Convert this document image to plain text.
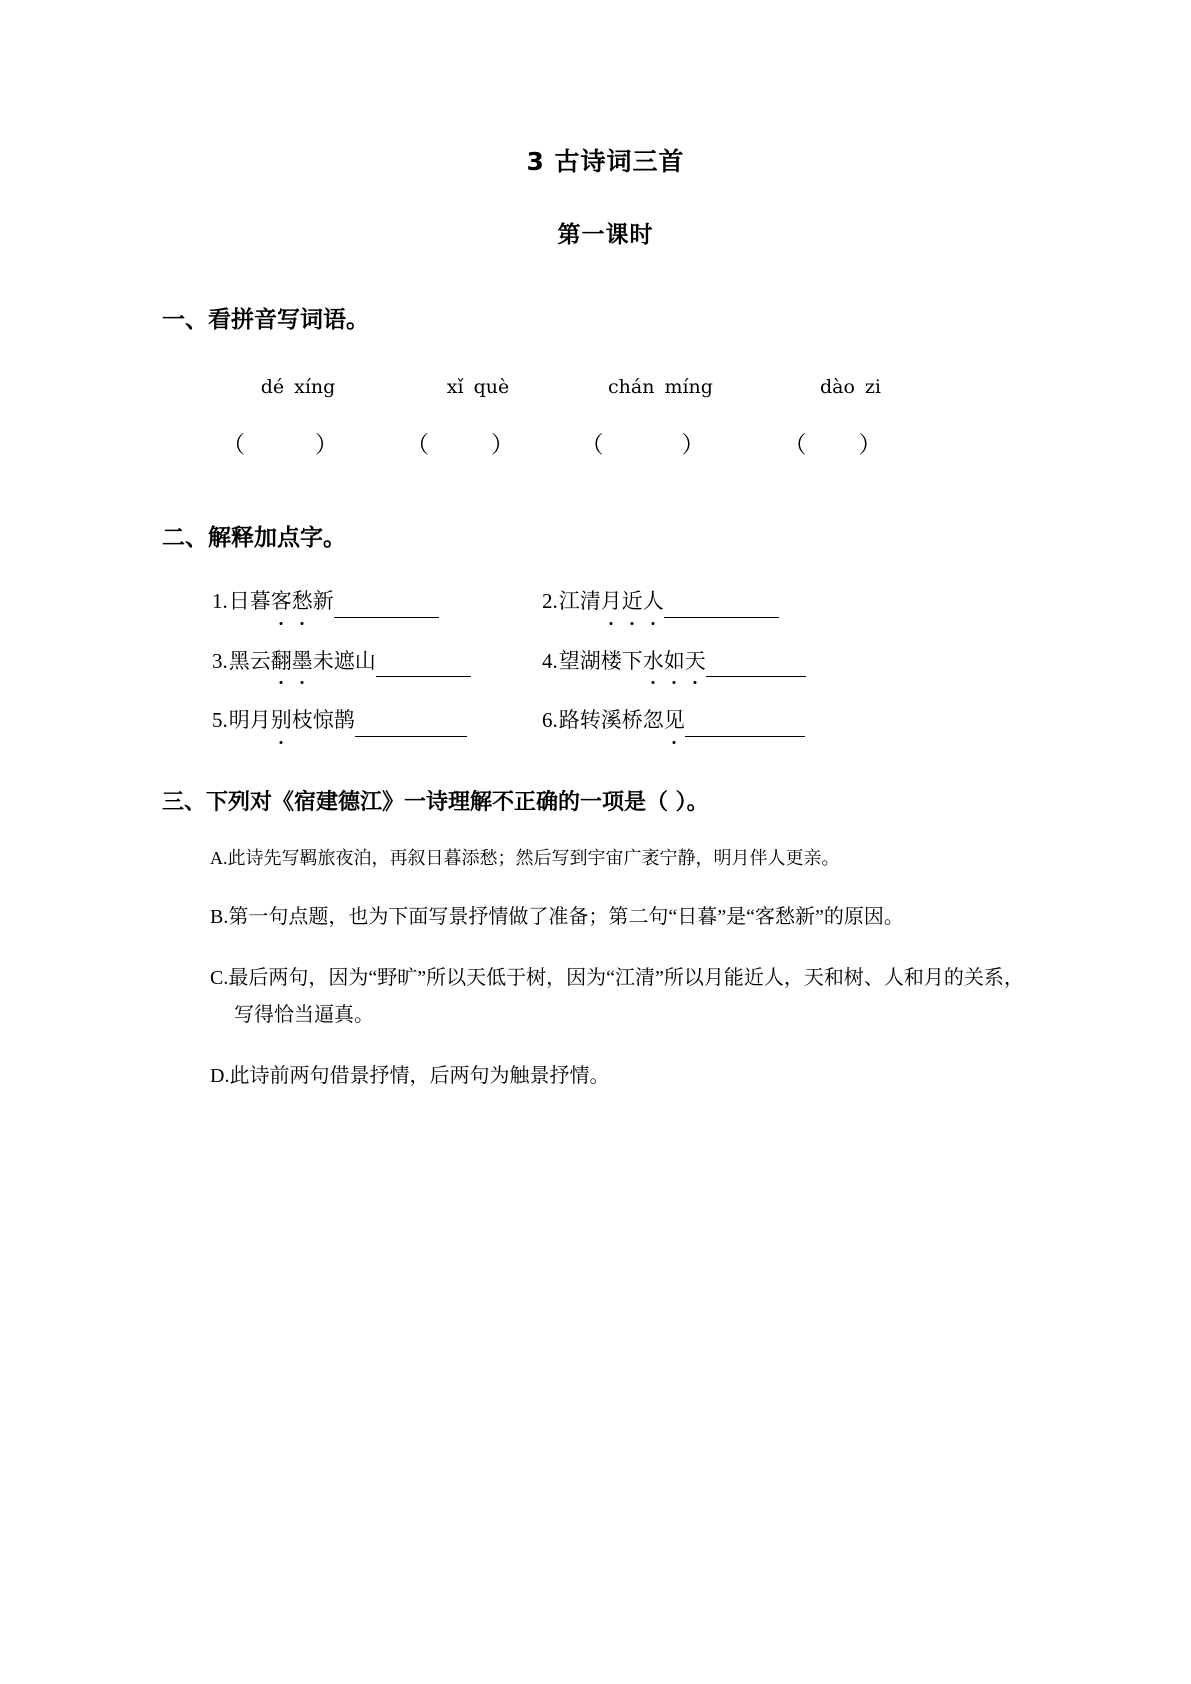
3 古诗词三首
第一课时
一、看拼音写词语。
dé xíng	xǐ què	chán míng	dào zi
（	）	（	）	（	）	（ ）
二、解释加点字。
1. 日暮客愁新	2. 江清月近人
3. 黑云翻墨未遮山	4. 望湖楼下水如天
5. 明月别枝惊鹊	6. 路转溪桥忽见
三、下列对《宿建德江》一诗理解不正确的一项是（ ）。
A.此诗先写羁旅夜泊，再叙日暮添愁；然后写到宇宙广袤宁静，明月伴人更亲。
B.第一句点题，也为下面写景抒情做了准备；第二句“日暮”是“客愁新”的原因。
C.最后两句，因为“野旷”所以天低于树，因为“江清”所以月能近人，天和树、人和月的关系，写得恰当逼真。
D.此诗前两句借景抒情，后两句为触景抒情。
